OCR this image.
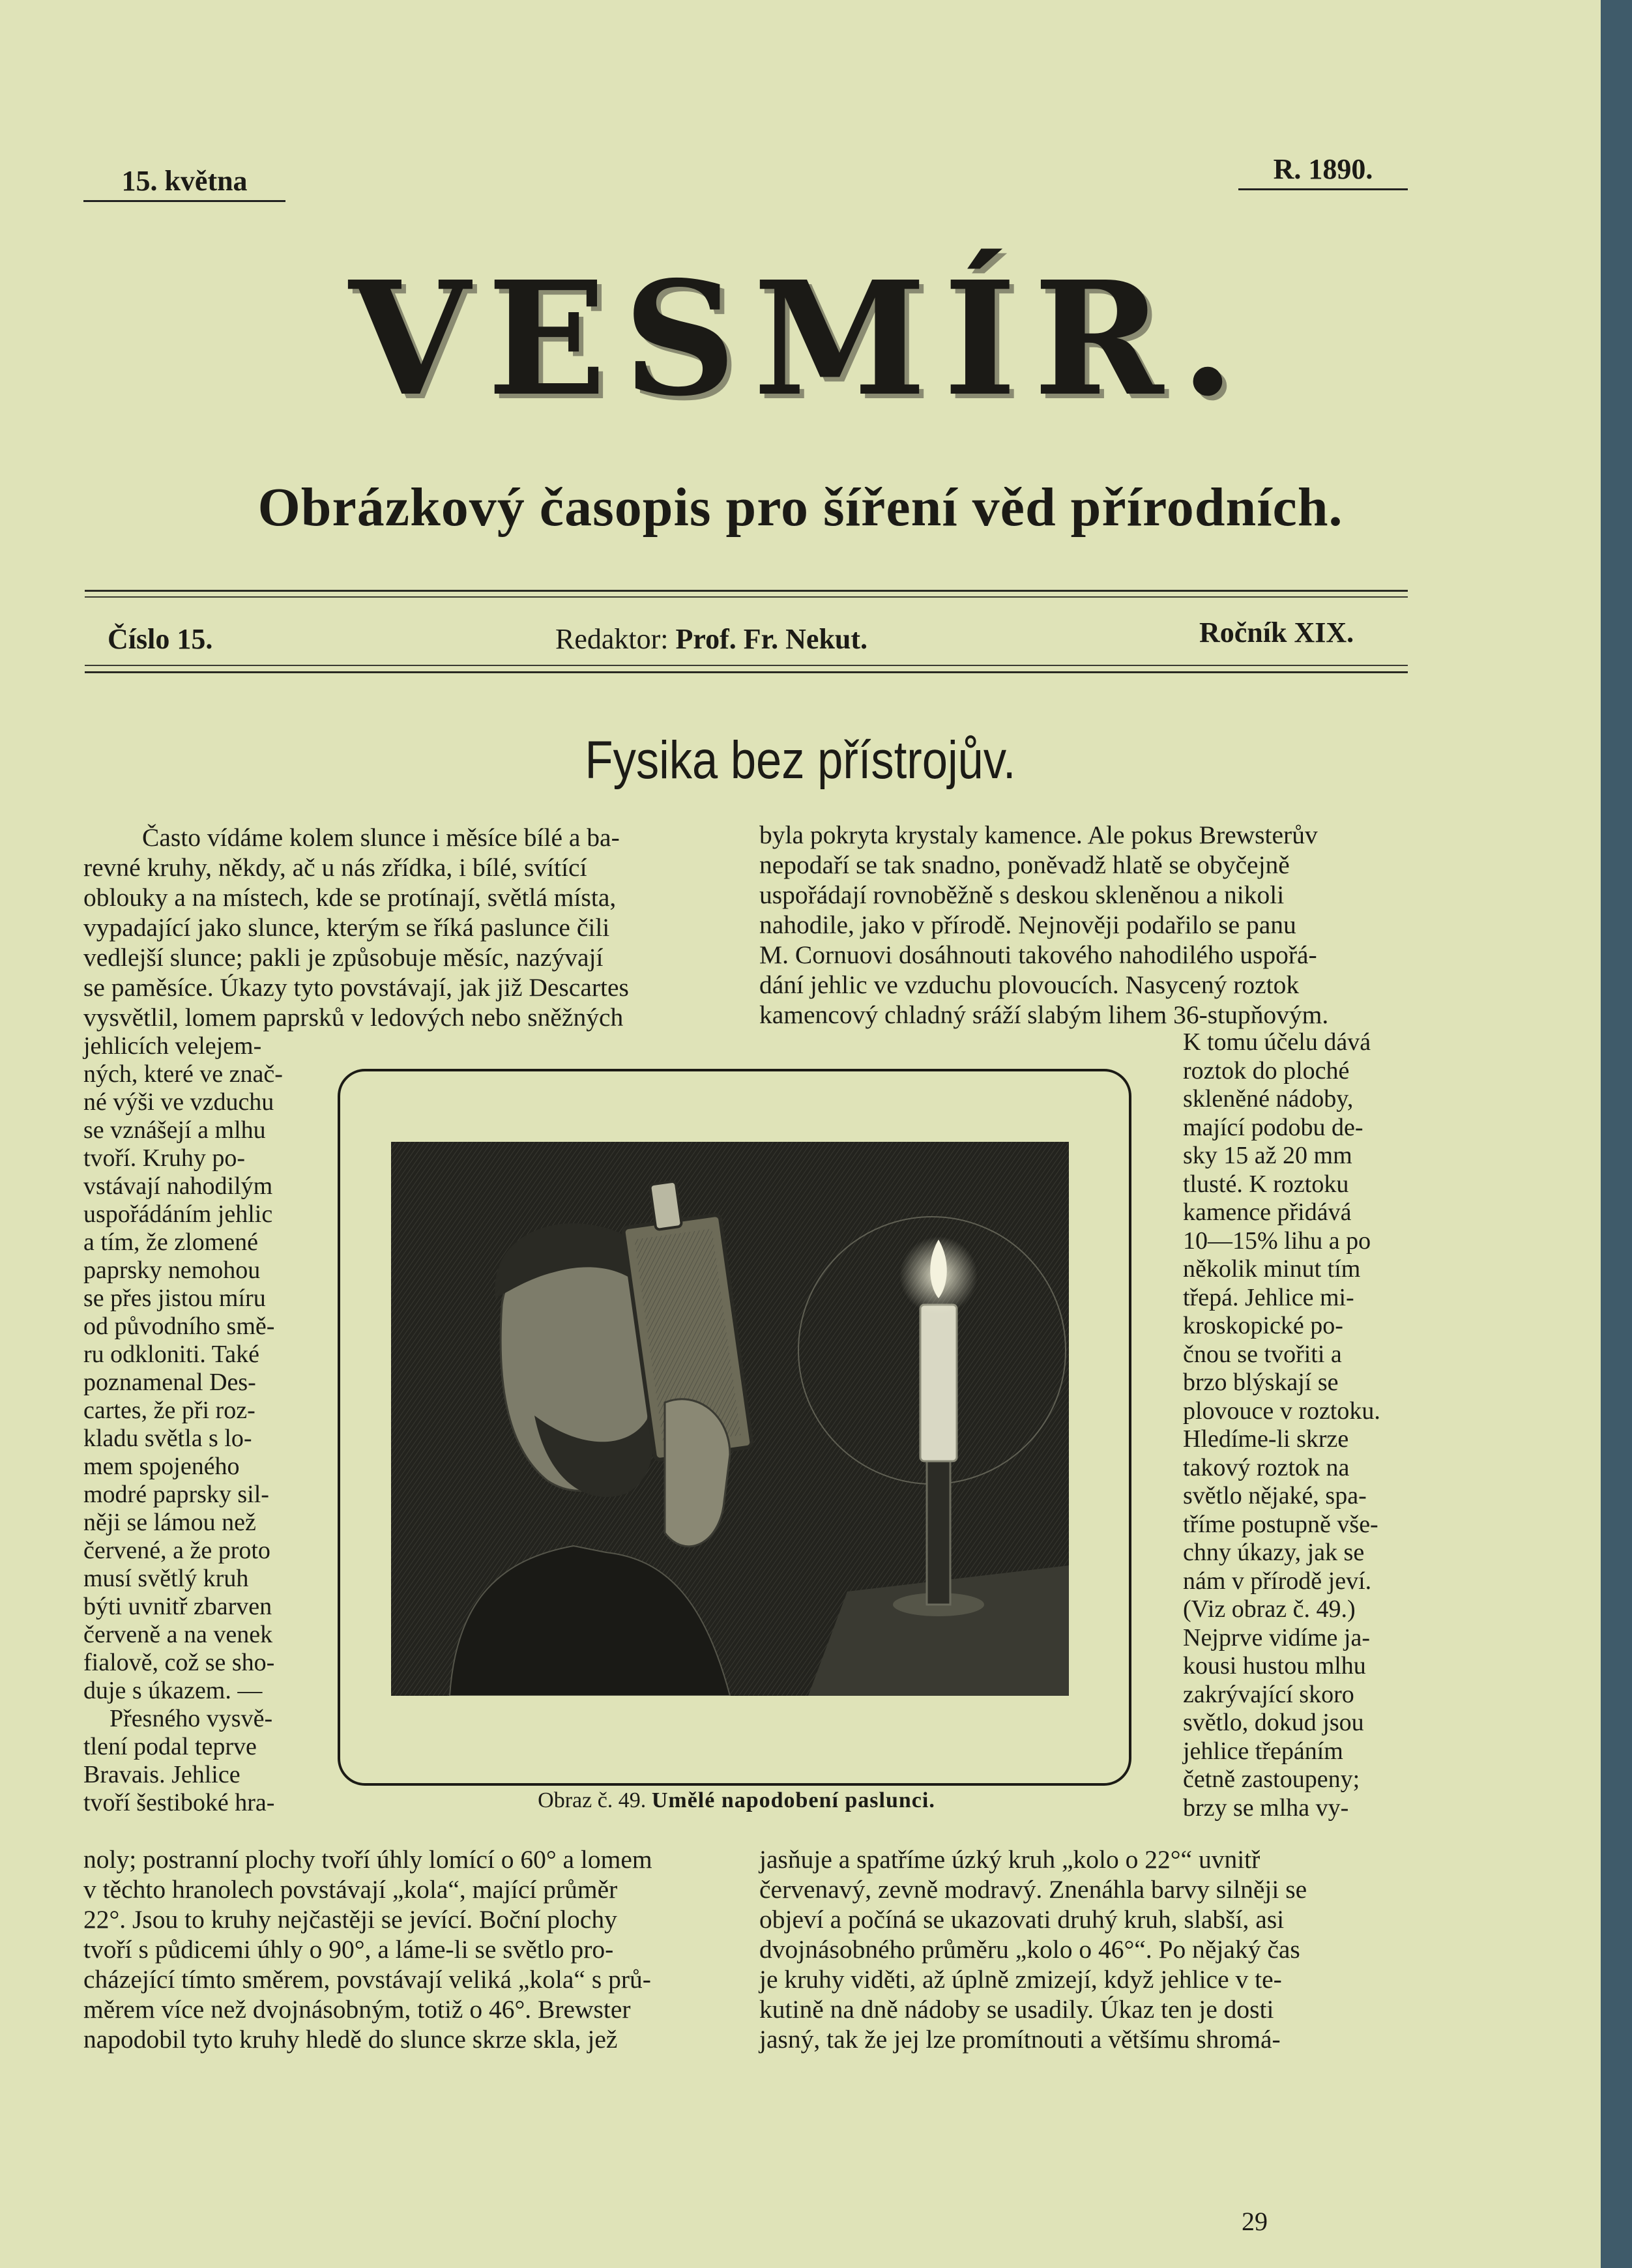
15. května	R. 1890.
VESMÍR.
Obrázkový časopis pro šíření věd přírodních.
Číslo 15.	Redaktor: Prof. Fr. Nekut.	Ročník XIX.
Fysika bez přístrojův.

Často vídáme kolem slunce i měsíce bílé a ba-

revné kruhy, někdy, ač u nás zřídka, i bílé, svítící

oblouky a na místech, kde se protínají, světlá místa,

vypadající jako slunce, kterým se říká paslunce čili

vedlejší slunce; pakli je způsobuje měsíc, nazývají

se paměsíce. Úkazy tyto povstávají, jak již Descartes

vysvětlil, lomem paprsků v ledových nebo sněžných

jehlicích velejem-

ných, které ve znač-

né výši ve vzduchu

se vznášejí a mlhu

tvoří. Kruhy po-

vstávají nahodilým

uspořádáním jehlic

a tím, že zlomené

paprsky nemohou

se přes jistou míru

od původního smě-

ru odkloniti. Také

poznamenal Des-

cartes, že při roz-

kladu světla s lo-

mem spojeného

modré paprsky sil-

něji se lámou než

červené, a že proto

musí světlý kruh

býti uvnitř zbarven

červeně a na venek

fialově, což se sho-

duje s úkazem. —

Přesného vysvě-

tlení podal teprve

Bravais. Jehlice

tvoří šestiboké hra-

noly; postranní plochy tvoří úhly lomící o 60° a lomem

v těchto hranolech povstávají „kola“, mající průměr

22°. Jsou to kruhy nejčastěji se jevící. Boční plochy

tvoří s půdicemi úhly o 90°, a láme-li se světlo pro-

cházející tímto směrem, povstávají veliká „kola“ s prů-

měrem více než dvojnásobným, totiž o 46°. Brewster

napodobil tyto kruhy hledě do slunce skrze skla, jež

byla pokryta krystaly kamence. Ale pokus Brewsterův

nepodaří se tak snadno, poněvadž hlatě se obyčejně

uspořádají rovnoběžně s deskou skleněnou a nikoli

nahodile, jako v přírodě. Nejnověji podařilo se panu

M. Cornuovi dosáhnouti takového nahodilého uspořá-

dání jehlic ve vzduchu plovoucích. Nasycený roztok

kamencový chladný sráží slabým lihem 36-stupňovým.

K tomu účelu dává

roztok do ploché

skleněné nádoby,

mající podobu de-

sky 15 až 20 mm

tlusté. K roztoku

kamence přidává

10—15% lihu a po

několik minut tím

třepá. Jehlice mi-

kroskopické po-

čnou se tvořiti a

brzo blýskají se

plovouce v roztoku.

Hledíme-li skrze

takový roztok na

světlo nějaké, spa-

tříme postupně vše-

chny úkazy, jak se

nám v přírodě jeví.

(Viz obraz č. 49.)

Nejprve vidíme ja-

kousi hustou mlhu

zakrývající skoro

světlo, dokud jsou

jehlice třepáním

četně zastoupeny;

brzy se mlha vy-

jasňuje a spatříme úzký kruh „kolo o 22°“ uvnitř

červenavý, zevně modravý. Znenáhla barvy silněji se

objeví a počíná se ukazovati druhý kruh, slabší, asi

dvojnásobného průměru „kolo o 46°“. Po nějaký čas

je kruhy viděti, až úplně zmizejí, když jehlice v te-

kutině na dně nádoby se usadily. Úkaz ten je dosti

jasný, tak že jej lze promítnouti a většímu shromá-

Obraz č. 49. Umělé napodobení paslunci.
29
